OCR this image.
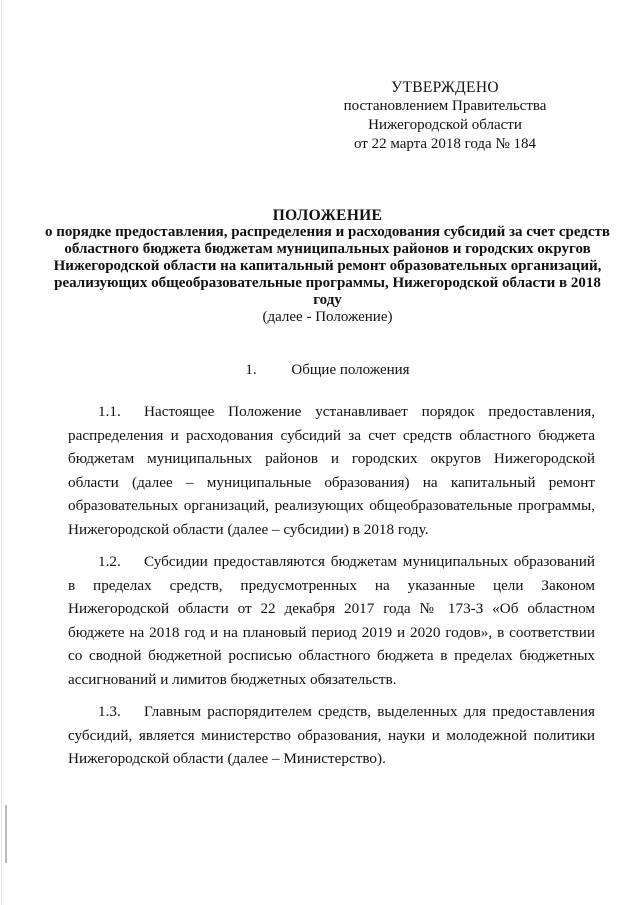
УТВЕРЖДЕНО
постановлением Правительства
Нижегородской области
от 22 марта 2018 года № 184
ПОЛОЖЕНИЕ
о порядке предоставления, распределения и расходования субсидий за счет средств областного бюджета бюджетам муниципальных районов и городских округов Нижегородской области на капитальный ремонт образовательных организаций, реализующих общеобразовательные программы, Нижегородской области в 2018 году
(далее - Положение)
1. Общие положения

1.1. Настоящее Положение устанавливает порядок предоставления, распределения и расходования субсидий за счет средств областного бюджета бюджетам муниципальных районов и городских округов Нижегородской области (далее – муниципальные образования) на капитальный ремонт образовательных организаций, реализующих общеобразовательные программы, Нижегородской области (далее – субсидии) в 2018 году.

1.2. Субсидии предоставляются бюджетам муниципальных образований в пределах средств, предусмотренных на указанные цели Законом Нижегородской области от 22 декабря 2017 года № 173-З «Об областном бюджете на 2018 год и на плановый период 2019 и 2020 годов», в соответствии со сводной бюджетной росписью областного бюджета в пределах бюджетных ассигнований и лимитов бюджетных обязательств.

1.3. Главным распорядителем средств, выделенных для предоставления субсидий, является министерство образования, науки и молодежной политики Нижегородской области (далее – Министерство).
